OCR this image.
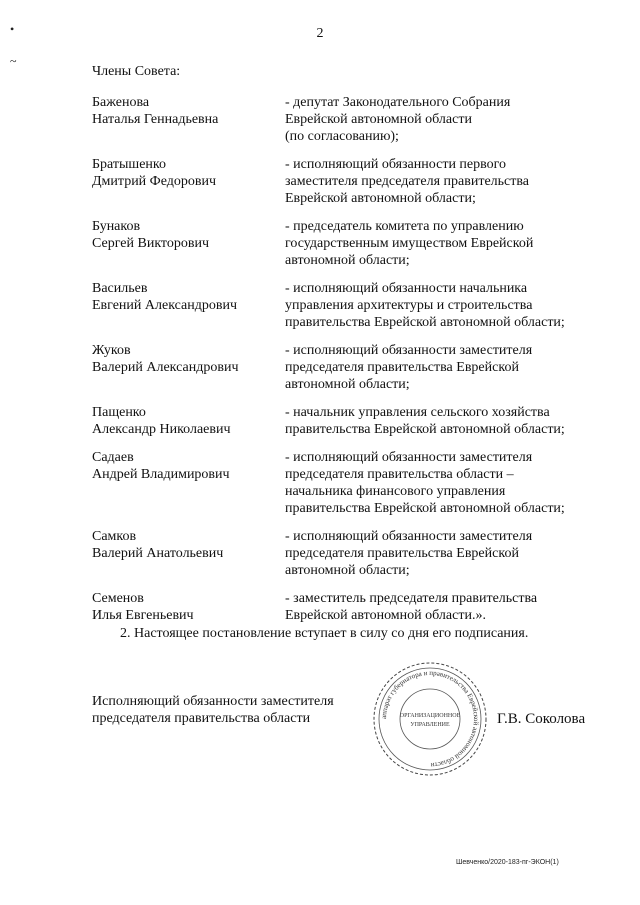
2
•
~
Члены Совета:
Баженова
Наталья Геннадьевна
- депутат Законодательного Собрания
Еврейской автономной области
(по согласованию);
Братышенко
Дмитрий Федорович
- исполняющий обязанности первого
заместителя председателя правительства
Еврейской автономной области;
Бунаков
Сергей Викторович
- председатель комитета по управлению
государственным имуществом Еврейской
автономной области;
Васильев
Евгений Александрович
- исполняющий обязанности начальника
управления архитектуры и строительства
правительства Еврейской автономной области;
Жуков
Валерий Александрович
- исполняющий обязанности заместителя
председателя правительства Еврейской
автономной области;
Пащенко
Александр Николаевич
- начальник управления сельского хозяйства
правительства Еврейской автономной области;
Садаев
Андрей Владимирович
- исполняющий обязанности заместителя
председателя правительства области –
начальника финансового управления
правительства Еврейской автономной области;
Самков
Валерий Анатольевич
- исполняющий обязанности заместителя
председателя правительства Еврейской
автономной области;
Семенов
Илья Евгеньевич
- заместитель председателя правительства
Еврейской автономной области.».
2. Настоящее постановление вступает в силу со дня его подписания.
Исполняющий обязанности заместителя
председателя правительства области	аппарат губернатора и правительства Еврейской автономной области
ОРГАНИЗАЦИОННОЕ
УПРАВЛЕНИЕ	Г.В. Соколова
Шевченко/2020-183-пг-ЭКОН(1)
